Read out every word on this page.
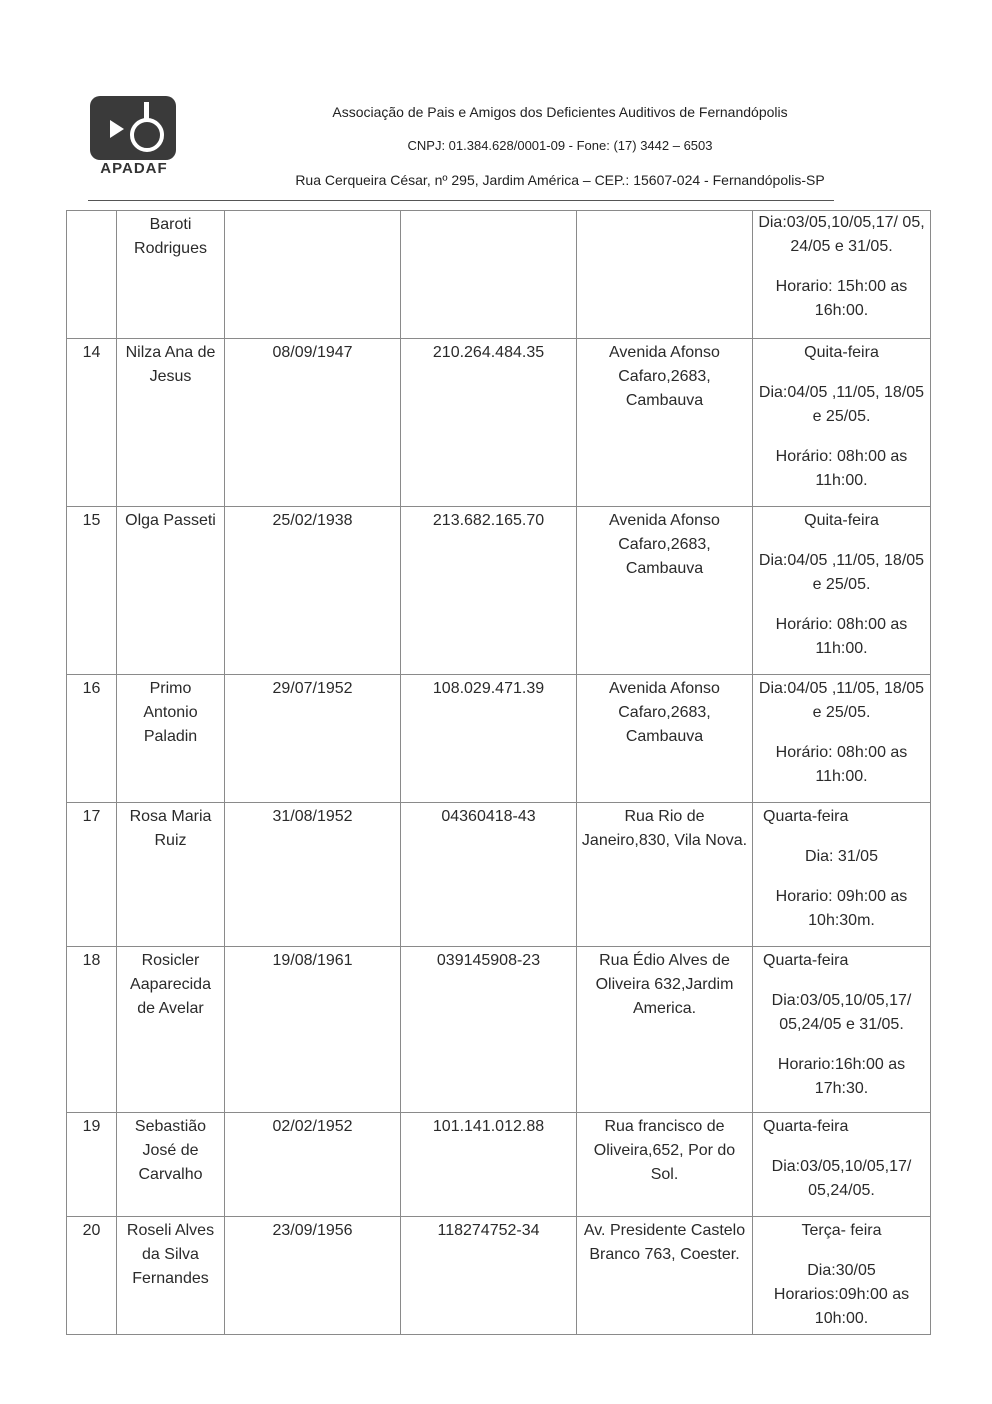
APADAF
Associação de Pais e Amigos dos Deficientes Auditivos de Fernandópolis
CNPJ: 01.384.628/0001-09 - Fone: (17) 3442 – 6503
Rua Cerqueira César, nº 295, Jardim América – CEP.: 15607-024 - Fernandópolis-SP
	Baroti Rodrigues				Dia:03/05,10/05,17/ 05, 24/05 e 31/05.

Horario: 15h:00 as 16h:00.

14	Nilza Ana de Jesus	08/09/1947	210.264.484.35	Avenida Afonso Cafaro,2683, Cambauva	Quita-feira

Dia:04/05 ,11/05, 18/05 e 25/05.

Horário: 08h:00 as 11h:00.

15	Olga Passeti	25/02/1938	213.682.165.70	Avenida Afonso Cafaro,2683, Cambauva	Quita-feira

Dia:04/05 ,11/05, 18/05 e 25/05.

Horário: 08h:00 as 11h:00.

16	Primo Antonio Paladin	29/07/1952	108.029.471.39	Avenida Afonso Cafaro,2683, Cambauva	Dia:04/05 ,11/05, 18/05 e 25/05.

Horário: 08h:00 as 11h:00.

17	Rosa Maria Ruiz	31/08/1952	04360418-43	Rua Rio de Janeiro,830, Vila Nova.	Quarta-feira

Dia: 31/05

Horario: 09h:00 as 10h:30m.

18	Rosicler Aaparecida de Avelar	19/08/1961	039145908-23	Rua Édio Alves de Oliveira 632,Jardim America.	Quarta-feira

Dia:03/05,10/05,17/ 05,24/05 e 31/05.

Horario:16h:00 as 17h:30.

19	Sebastião José de Carvalho	02/02/1952	101.141.012.88	Rua francisco de Oliveira,652, Por do Sol.	Quarta-feira

Dia:03/05,10/05,17/ 05,24/05.

20	Roseli Alves da Silva Fernandes	23/09/1956	118274752-34	Av. Presidente Castelo Branco 763, Coester.	Terça- feira

Dia:30/05 Horarios:09h:00 as 10h:00.
